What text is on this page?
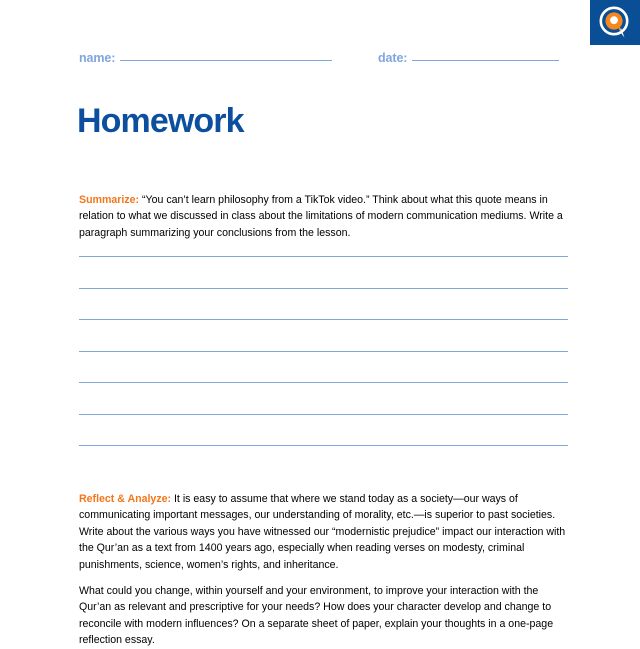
name:	date:
Homework

Summarize: “You can’t learn philosophy from a TikTok video.” Think about what this quote means in relation to what we discussed in class about the limitations of modern communication mediums. Write a paragraph summarizing your conclusions from the lesson.

Reflect & Analyze: It is easy to assume that where we stand today as a society—our ways of communicating important messages, our understanding of morality, etc.—is superior to past societies. Write about the various ways you have witnessed our “modernistic prejudice” impact our interaction with the Qur’an as a text from 1400 years ago, especially when reading verses on modesty, criminal punishments, science, women’s rights, and inheritance.

What could you change, within yourself and your environment, to improve your interaction with the Qur’an as relevant and prescriptive for your needs? How does your character develop and change to reconcile with modern influences? On a separate sheet of paper, explain your thoughts in a one-page reflection essay.
